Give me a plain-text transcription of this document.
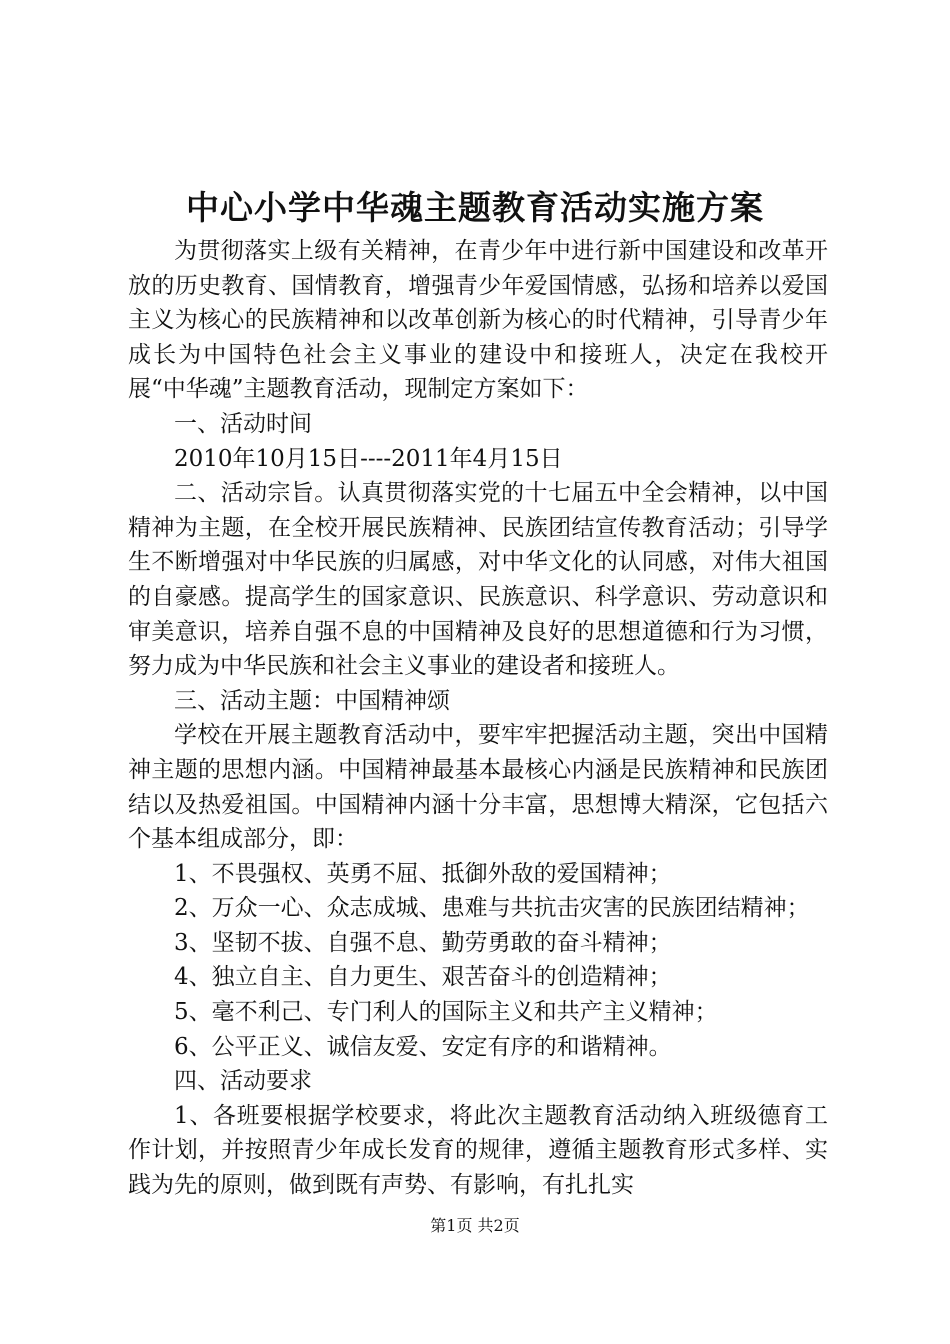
中心小学中华魂主题教育活动实施方案

为贯彻落实上级有关精神，在青少年中进行新中国建设和改革开放的历史教育、国情教育，增强青少年爱国情感，弘扬和培养以爱国主义为核心的民族精神和以改革创新为核心的时代精神，引导青少年成长为中国特色社会主义事业的建设中和接班人，决定在我校开展“中华魂”主题教育活动，现制定方案如下：

一、活动时间

2010年10月15日----2011年4月15日

二、活动宗旨。认真贯彻落实党的十七届五中全会精神，以中国精神为主题，在全校开展民族精神、民族团结宣传教育活动；引导学生不断增强对中华民族的归属感，对中华文化的认同感，对伟大祖国的自豪感。提高学生的国家意识、民族意识、科学意识、劳动意识和审美意识，培养自强不息的中国精神及良好的思想道德和行为习惯，努力成为中华民族和社会主义事业的建设者和接班人。

三、活动主题：中国精神颂

学校在开展主题教育活动中，要牢牢把握活动主题，突出中国精神主题的思想内涵。中国精神最基本最核心内涵是民族精神和民族团结以及热爱祖国。中国精神内涵十分丰富，思想博大精深，它包括六个基本组成部分，即：

1、不畏强权、英勇不屈、抵御外敌的爱国精神；

2、万众一心、众志成城、患难与共抗击灾害的民族团结精神；

3、坚韧不拔、自强不息、勤劳勇敢的奋斗精神；

4、独立自主、自力更生、艰苦奋斗的创造精神；

5、毫不利己、专门利人的国际主义和共产主义精神；

6、公平正义、诚信友爱、安定有序的和谐精神。

四、活动要求

1、各班要根据学校要求，将此次主题教育活动纳入班级德育工作计划，并按照青少年成长发育的规律，遵循主题教育形式多样、实践为先的原则，做到既有声势、有影响，有扎扎实

第1页 共2页
